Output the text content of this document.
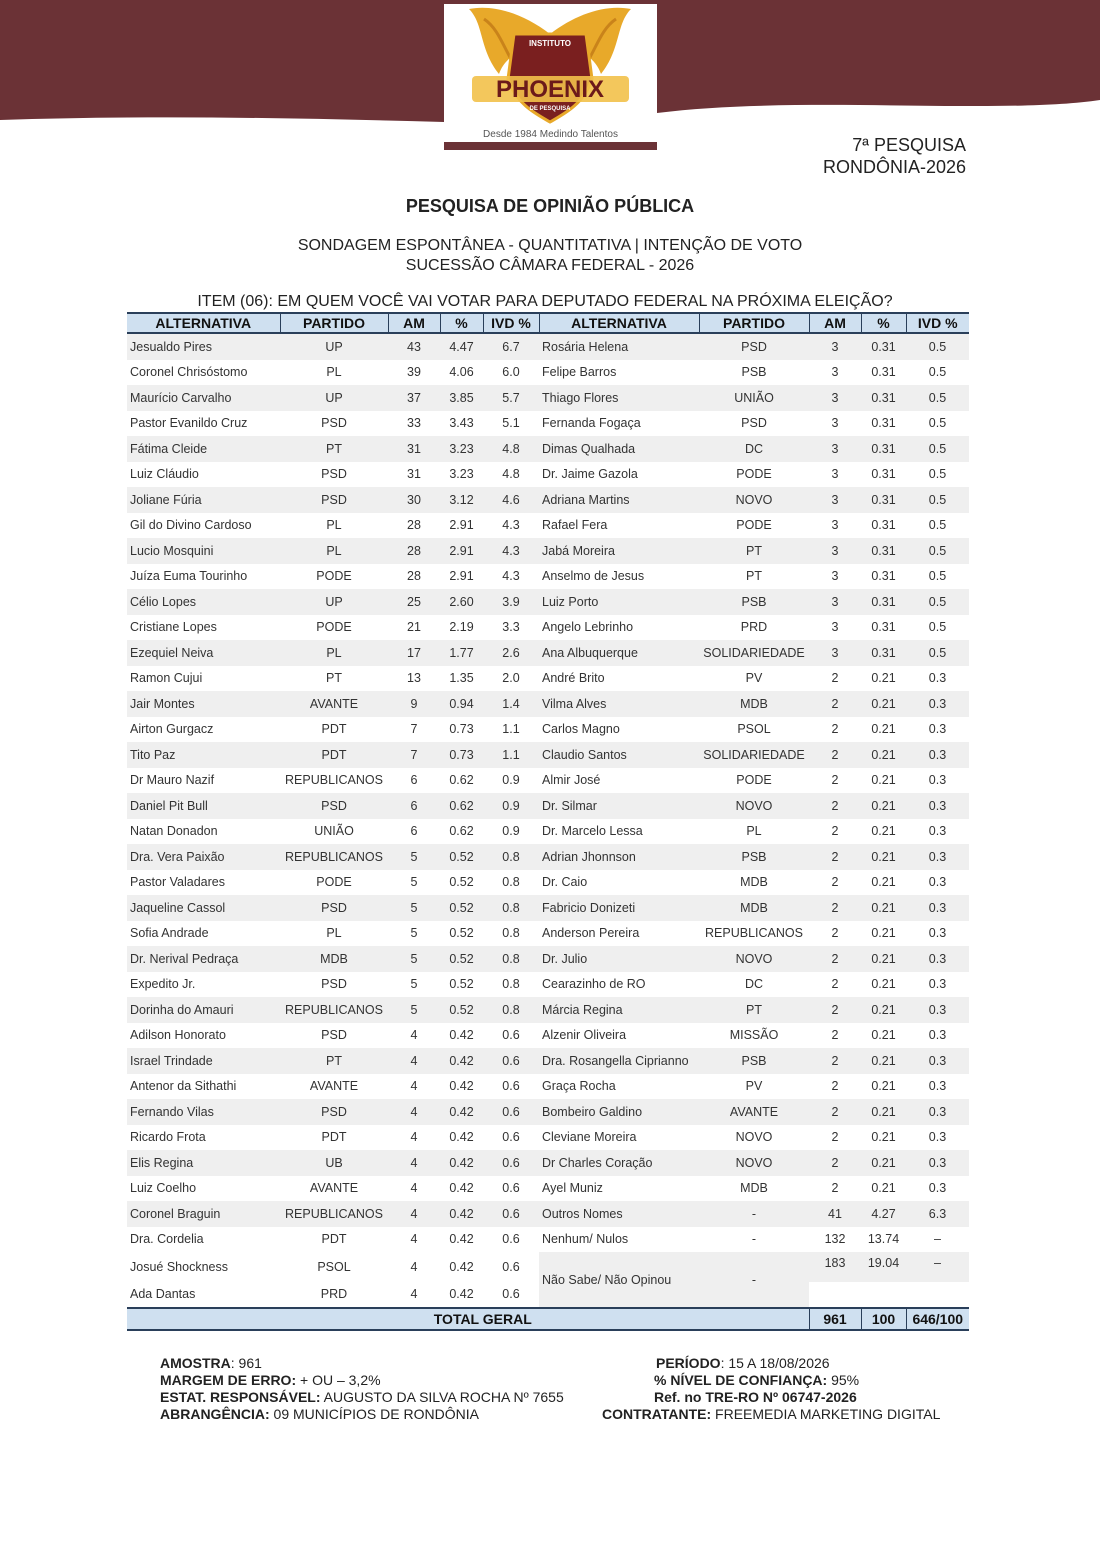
INSTITUTO
PHOENIX
DE PESQUISA
Desde 1984 Medindo Talentos
7ª PESQUISA
RONDÔNIA-2026
PESQUISA DE OPINIÃO PÚBLICA
SONDAGEM ESPONTÂNEA - QUANTITATIVA | INTENÇÃO DE VOTO
SUCESSÃO CÂMARA FEDERAL - 2026
ITEM (06): EM QUEM VOCÊ VAI VOTAR PARA DEPUTADO FEDERAL NA PRÓXIMA ELEIÇÃO?
ALTERNATIVA	PARTIDO	AM	%	IVD %	ALTERNATIVA	PARTIDO	AM	%	IVD %
Jesualdo Pires	UP	43	4.47	6.7	Rosária Helena	PSD	3	0.31	0.5
Coronel Chrisóstomo	PL	39	4.06	6.0	Felipe Barros	PSB	3	0.31	0.5
Maurício Carvalho	UP	37	3.85	5.7	Thiago Flores	UNIÃO	3	0.31	0.5
Pastor Evanildo Cruz	PSD	33	3.43	5.1	Fernanda Fogaça	PSD	3	0.31	0.5
Fátima Cleide	PT	31	3.23	4.8	Dimas Qualhada	DC	3	0.31	0.5
Luiz Cláudio	PSD	31	3.23	4.8	Dr. Jaime Gazola	PODE	3	0.31	0.5
Joliane Fúria	PSD	30	3.12	4.6	Adriana Martins	NOVO	3	0.31	0.5
Gil do Divino Cardoso	PL	28	2.91	4.3	Rafael Fera	PODE	3	0.31	0.5
Lucio Mosquini	PL	28	2.91	4.3	Jabá Moreira	PT	3	0.31	0.5
Juíza Euma Tourinho	PODE	28	2.91	4.3	Anselmo de Jesus	PT	3	0.31	0.5
Célio Lopes	UP	25	2.60	3.9	Luiz Porto	PSB	3	0.31	0.5
Cristiane Lopes	PODE	21	2.19	3.3	Angelo Lebrinho	PRD	3	0.31	0.5
Ezequiel Neiva	PL	17	1.77	2.6	Ana Albuquerque	SOLIDARIEDADE	3	0.31	0.5
Ramon Cujui	PT	13	1.35	2.0	André Brito	PV	2	0.21	0.3
Jair Montes	AVANTE	9	0.94	1.4	Vilma Alves	MDB	2	0.21	0.3
Airton Gurgacz	PDT	7	0.73	1.1	Carlos Magno	PSOL	2	0.21	0.3
Tito Paz	PDT	7	0.73	1.1	Claudio Santos	SOLIDARIEDADE	2	0.21	0.3
Dr Mauro Nazif	REPUBLICANOS	6	0.62	0.9	Almir José	PODE	2	0.21	0.3
Daniel Pit Bull	PSD	6	0.62	0.9	Dr. Silmar	NOVO	2	0.21	0.3
Natan Donadon	UNIÃO	6	0.62	0.9	Dr. Marcelo Lessa	PL	2	0.21	0.3
Dra. Vera Paixão	REPUBLICANOS	5	0.52	0.8	Adrian Jhonnson	PSB	2	0.21	0.3
Pastor Valadares	PODE	5	0.52	0.8	Dr. Caio	MDB	2	0.21	0.3
Jaqueline Cassol	PSD	5	0.52	0.8	Fabricio Donizeti	MDB	2	0.21	0.3
Sofia Andrade	PL	5	0.52	0.8	Anderson Pereira	REPUBLICANOS	2	0.21	0.3
Dr. Nerival Pedraça	MDB	5	0.52	0.8	Dr. Julio	NOVO	2	0.21	0.3
Expedito Jr.	PSD	5	0.52	0.8	Cearazinho de RO	DC	2	0.21	0.3
Dorinha do Amauri	REPUBLICANOS	5	0.52	0.8	Márcia Regina	PT	2	0.21	0.3
Adilson Honorato	PSD	4	0.42	0.6	Alzenir Oliveira	MISSÃO	2	0.21	0.3
Israel Trindade	PT	4	0.42	0.6	Dra. Rosangella Ciprianno	PSB	2	0.21	0.3
Antenor da Sithathi	AVANTE	4	0.42	0.6	Graça Rocha	PV	2	0.21	0.3
Fernando Vilas	PSD	4	0.42	0.6	Bombeiro Galdino	AVANTE	2	0.21	0.3
Ricardo Frota	PDT	4	0.42	0.6	Cleviane Moreira	NOVO	2	0.21	0.3
Elis Regina	UB	4	0.42	0.6	Dr Charles Coração	NOVO	2	0.21	0.3
Luiz Coelho	AVANTE	4	0.42	0.6	Ayel Muniz	MDB	2	0.21	0.3
Coronel Braguin	REPUBLICANOS	4	0.42	0.6	Outros Nomes	-	41	4.27	6.3
Dra. Cordelia	PDT	4	0.42	0.6	Nenhum/ Nulos	-	132	13.74	–
Josué Shockness	PSOL	4	0.42	0.6	Não Sabe/ Não Opinou	-	183	19.04	–
Ada Dantas	PRD	4	0.42	0.6					
TOTAL GERAL							961	100	646/100
AMOSTRA: 961
MARGEM DE ERRO: + OU – 3,2%
ESTAT. RESPONSÁVEL: AUGUSTO DA SILVA ROCHA Nº 7655
ABRANGÊNCIA: 09 MUNICÍPIOS DE RONDÔNIA
PERÍODO: 15 A 18/08/2026
% NÍVEL DE CONFIANÇA: 95%
Ref. no TRE-RO Nº 06747-2026
CONTRATANTE: FREEMEDIA MARKETING DIGITAL
